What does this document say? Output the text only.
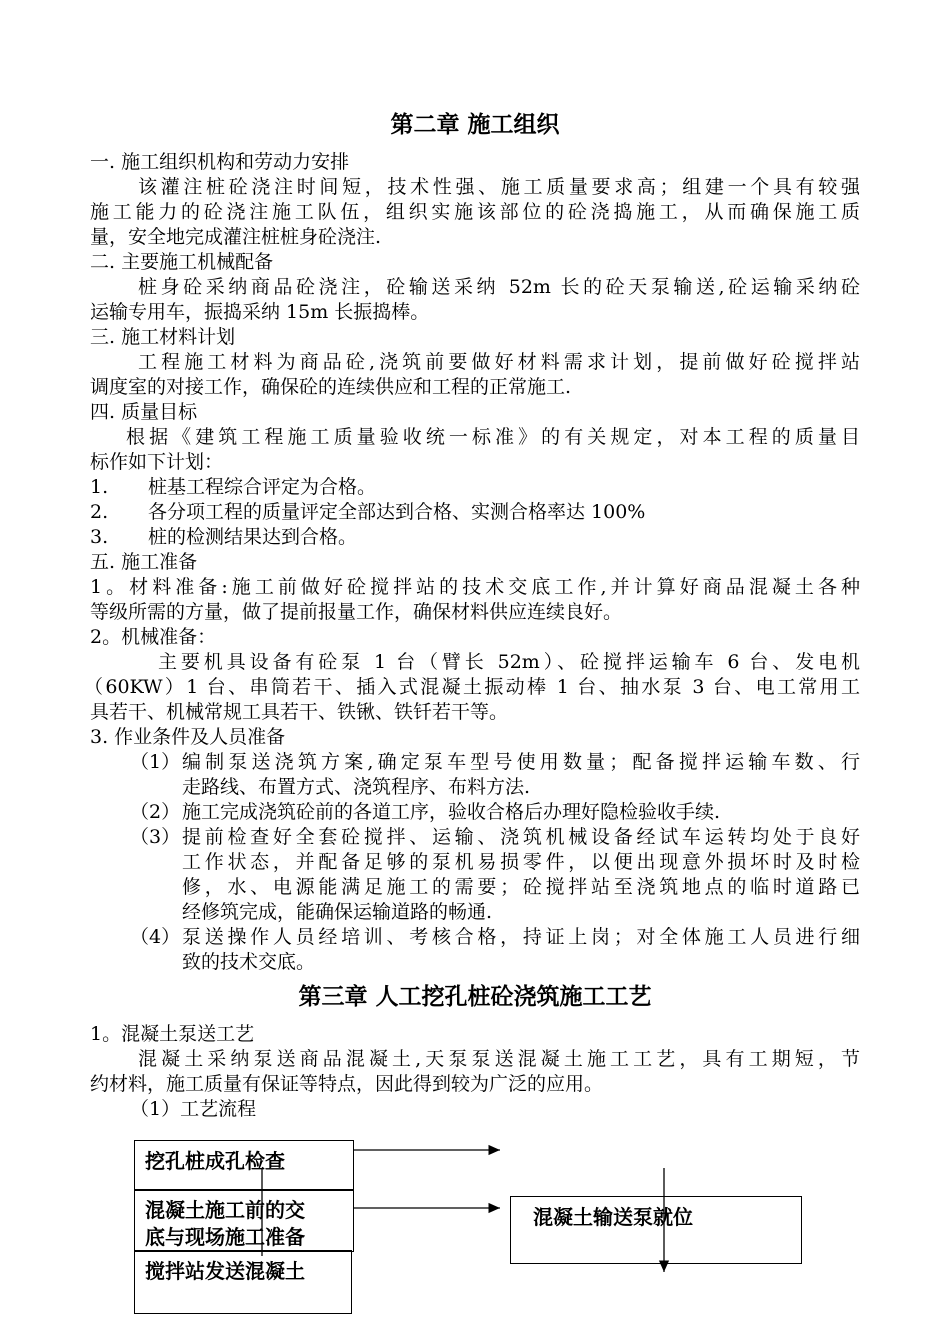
第二章 施工组织
一. 施工组织机构和劳动力安排
该灌注桩砼浇注时间短，技术性强、施工质量要求高；组建一个具有较强
施工能力的砼浇注施工队伍，组织实施该部位的砼浇捣施工，从而确保施工质
量，安全地完成灌注桩桩身砼浇注.
二. 主要施工机械配备
桩身砼采纳商品砼浇注，砼输送采纳 52m 长的砼天泵输送,砼运输采纳砼
运输专用车，振捣采纳 15m 长振捣棒。
三. 施工材料计划
工程施工材料为商品砼,浇筑前要做好材料需求计划，提前做好砼搅拌站
调度室的对接工作，确保砼的连续供应和工程的正常施工.
四. 质量目标
根据《建筑工程施工质量验收统一标准》的有关规定，对本工程的质量目
标作如下计划：
1. 桩基工程综合评定为合格。
2. 各分项工程的质量评定全部达到合格、实测合格率达 100%
3. 桩的检测结果达到合格。
五. 施工准备
1。材料准备:施工前做好砼搅拌站的技术交底工作,并计算好商品混凝土各种
等级所需的方量，做了提前报量工作，确保材料供应连续良好。
2。机械准备：
主要机具设备有砼泵 1 台（臂长 52m）、砼搅拌运输车 6 台、发电机
（60KW）1 台、串筒若干、插入式混凝土振动棒 1 台、抽水泵 3 台、电工常用工
具若干、机械常规工具若干、铁锹、铁钎若干等。
3. 作业条件及人员准备
（1） 编制泵送浇筑方案,确定泵车型号使用数量；配备搅拌运输车数、行
走路线、布置方式、浇筑程序、布料方法.
（2） 施工完成浇筑砼前的各道工序，验收合格后办理好隐检验收手续.
（3） 提前检查好全套砼搅拌、运输、浇筑机械设备经试车运转均处于良好
工作状态，并配备足够的泵机易损零件，以便出现意外损坏时及时检
修，水、电源能满足施工的需要；砼搅拌站至浇筑地点的临时道路已
经修筑完成，能确保运输道路的畅通.
（4） 泵送操作人员经培训、考核合格，持证上岗；对全体施工人员进行细
致的技术交底。
第三章 人工挖孔桩砼浇筑施工工艺
1。混凝土泵送工艺
混凝土采纳泵送商品混凝土,天泵泵送混凝土施工工艺，具有工期短，节
约材料，施工质量有保证等特点，因此得到较为广泛的应用。
（1）工艺流程
挖孔桩成孔检查
混凝土施工前的交
底与现场施工准备
搅拌站发送混凝土
混凝土输送泵就位
